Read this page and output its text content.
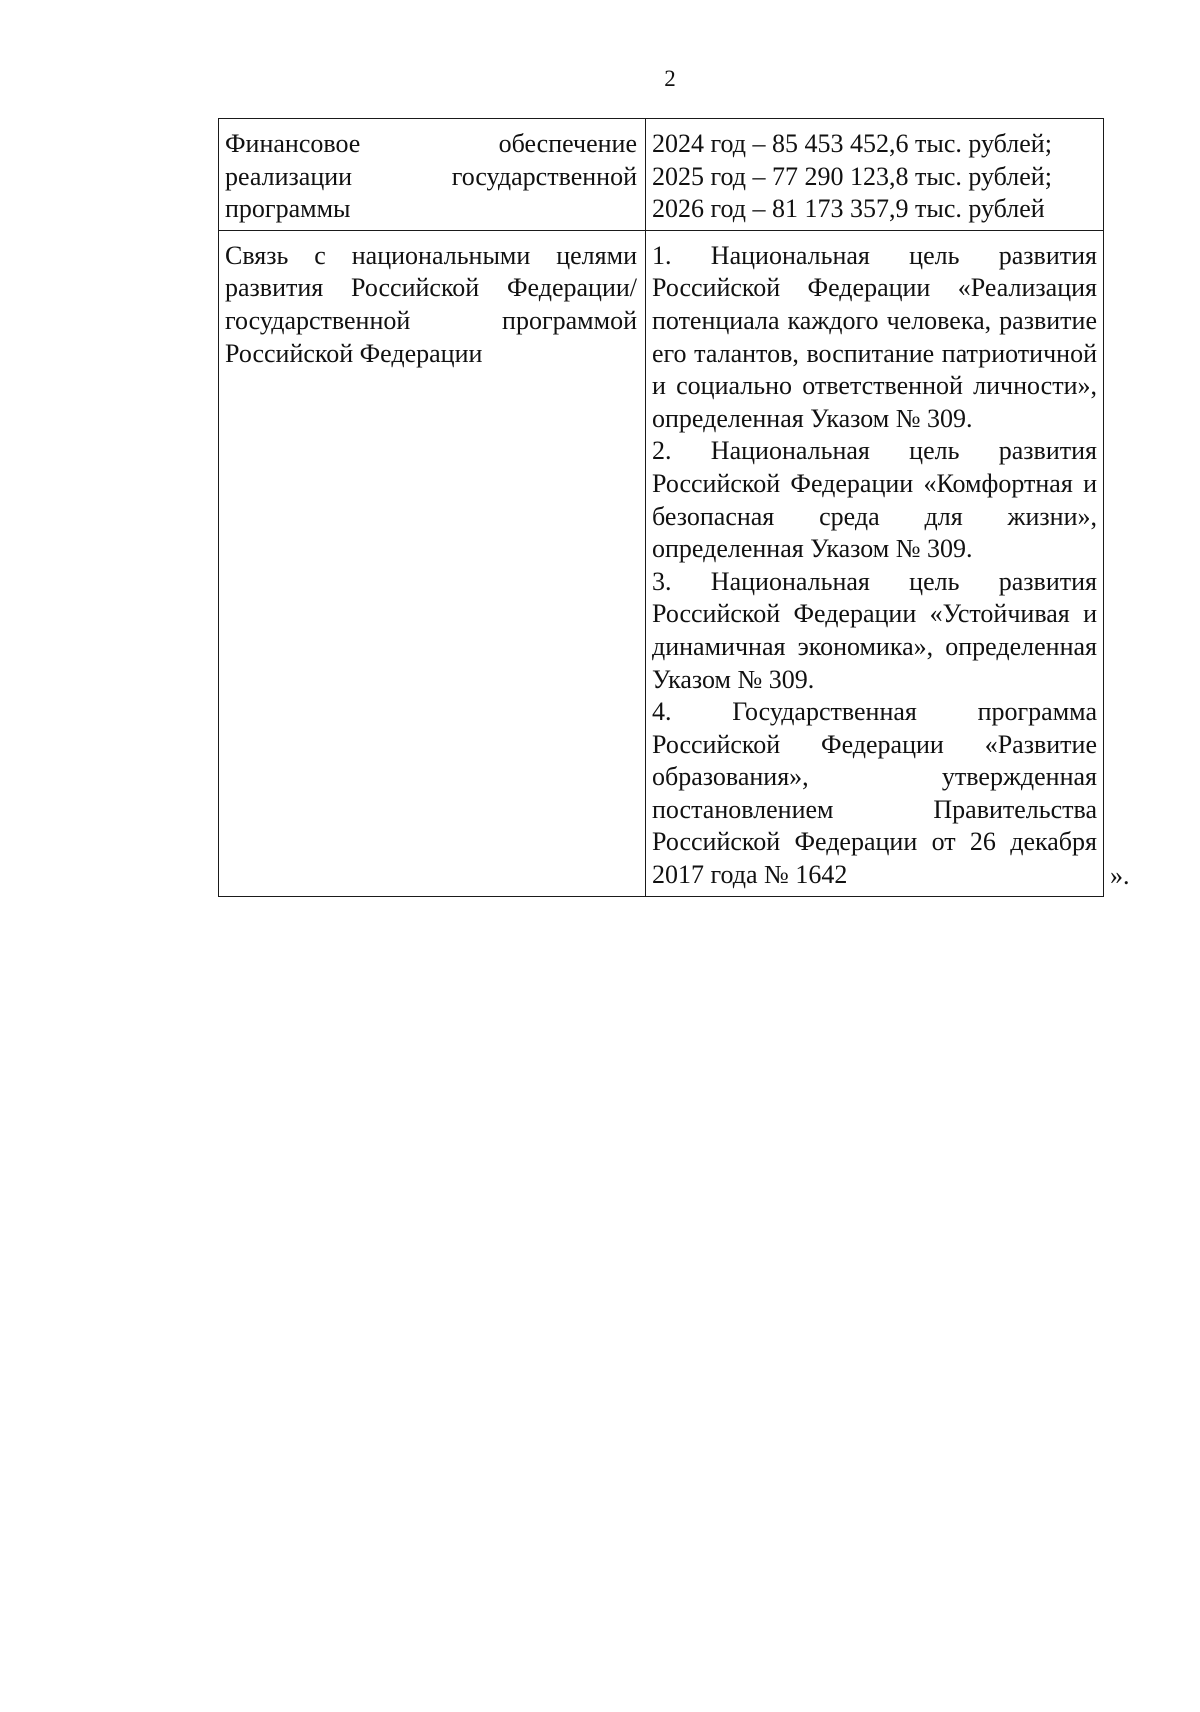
2
Финансовое обеспечение реализации государственной программы	2024 год – 85 453 452,6 тыс. рублей;
2025 год – 77 290 123,8 тыс. рублей;
2026 год – 81 173 357,9 тыс. рублей

Связь с национальными целями развития Российской Федерации/государственной программой Российской Федерации	1. Национальная цель развития Российской Федерации «Реализация потенциала каждого человека, развитие его талантов, воспитание патриотичной и социально ответственной личности», определенная Указом № 309.
2. Национальная цель развития Российской Федерации «Комфортная и безопасная среда для жизни», определенная Указом № 309.
3. Национальная цель развития Российской Федерации «Устойчивая и динамичная экономика», определенная Указом № 309.
4. Государственная программа Российской Федерации «Развитие образования», утвержденная постановлением Правительства Российской Федерации от 26 декабря 2017 года № 1642	».
